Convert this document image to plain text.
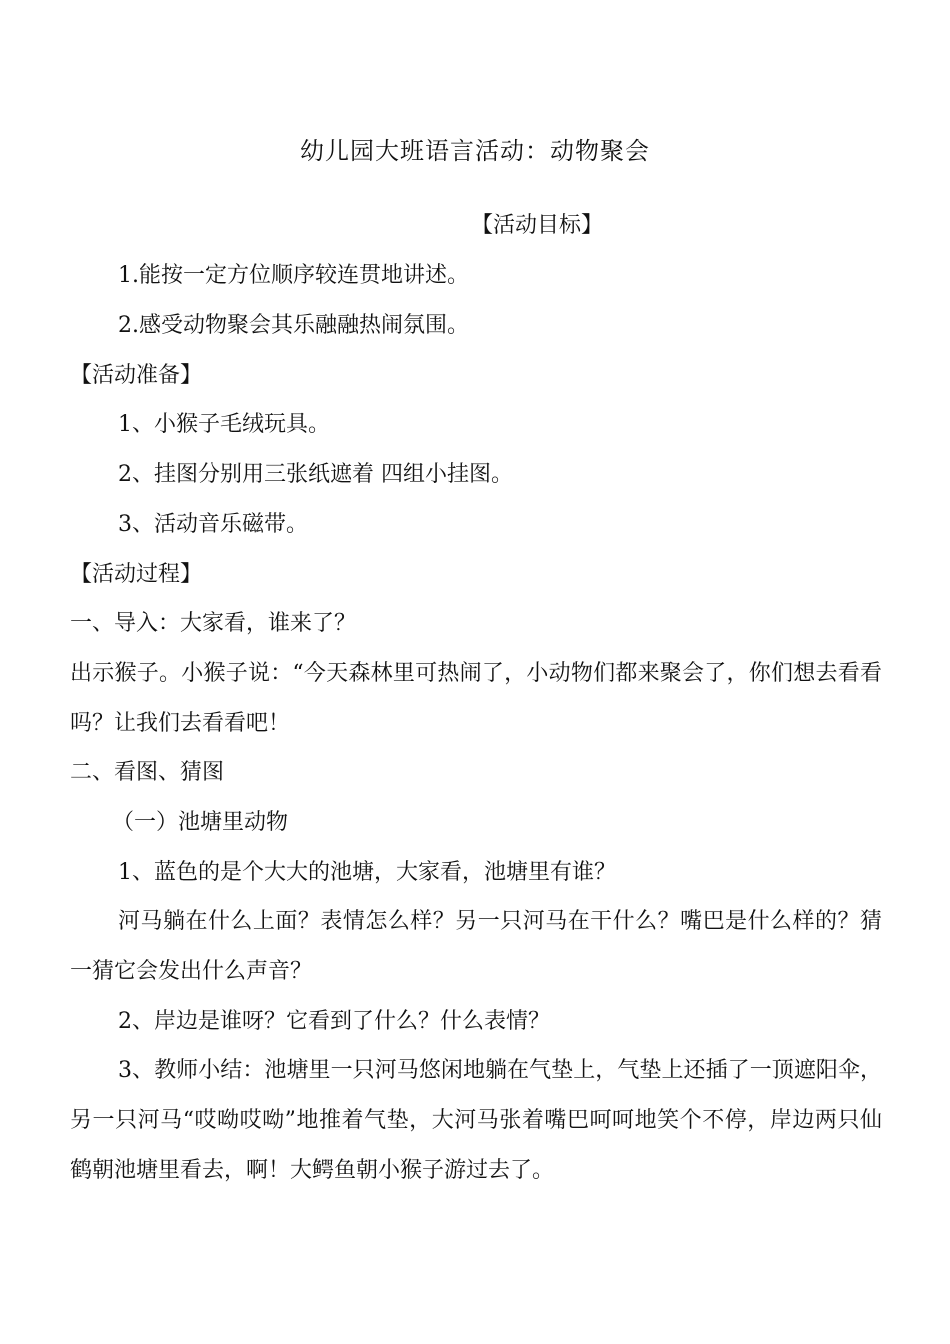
幼儿园大班语言活动：动物聚会
【活动目标】
1.能按一定方位顺序较连贯地讲述。
2.感受动物聚会其乐融融热闹氛围。
【活动准备】
1、小猴子毛绒玩具。
2、挂图分别用三张纸遮着 四组小挂图。
3、活动音乐磁带。
【活动过程】
一、导入：大家看，谁来了？
出示猴子。小猴子说：“今天森林里可热闹了，小动物们都来聚会了，你们想去看看吗？让我们去看看吧！
二、看图、猜图
（一）池塘里动物
1、蓝色的是个大大的池塘，大家看，池塘里有谁？
河马躺在什么上面？表情怎么样？另一只河马在干什么？嘴巴是什么样的？猜一猜它会发出什么声音？
2、岸边是谁呀？它看到了什么？什么表情？
3、教师小结：池塘里一只河马悠闲地躺在气垫上，气垫上还插了一顶遮阳伞，另一只河马“哎呦哎呦”地推着气垫，大河马张着嘴巴呵呵地笑个不停，岸边两只仙鹤朝池塘里看去，啊！大鳄鱼朝小猴子游过去了。
